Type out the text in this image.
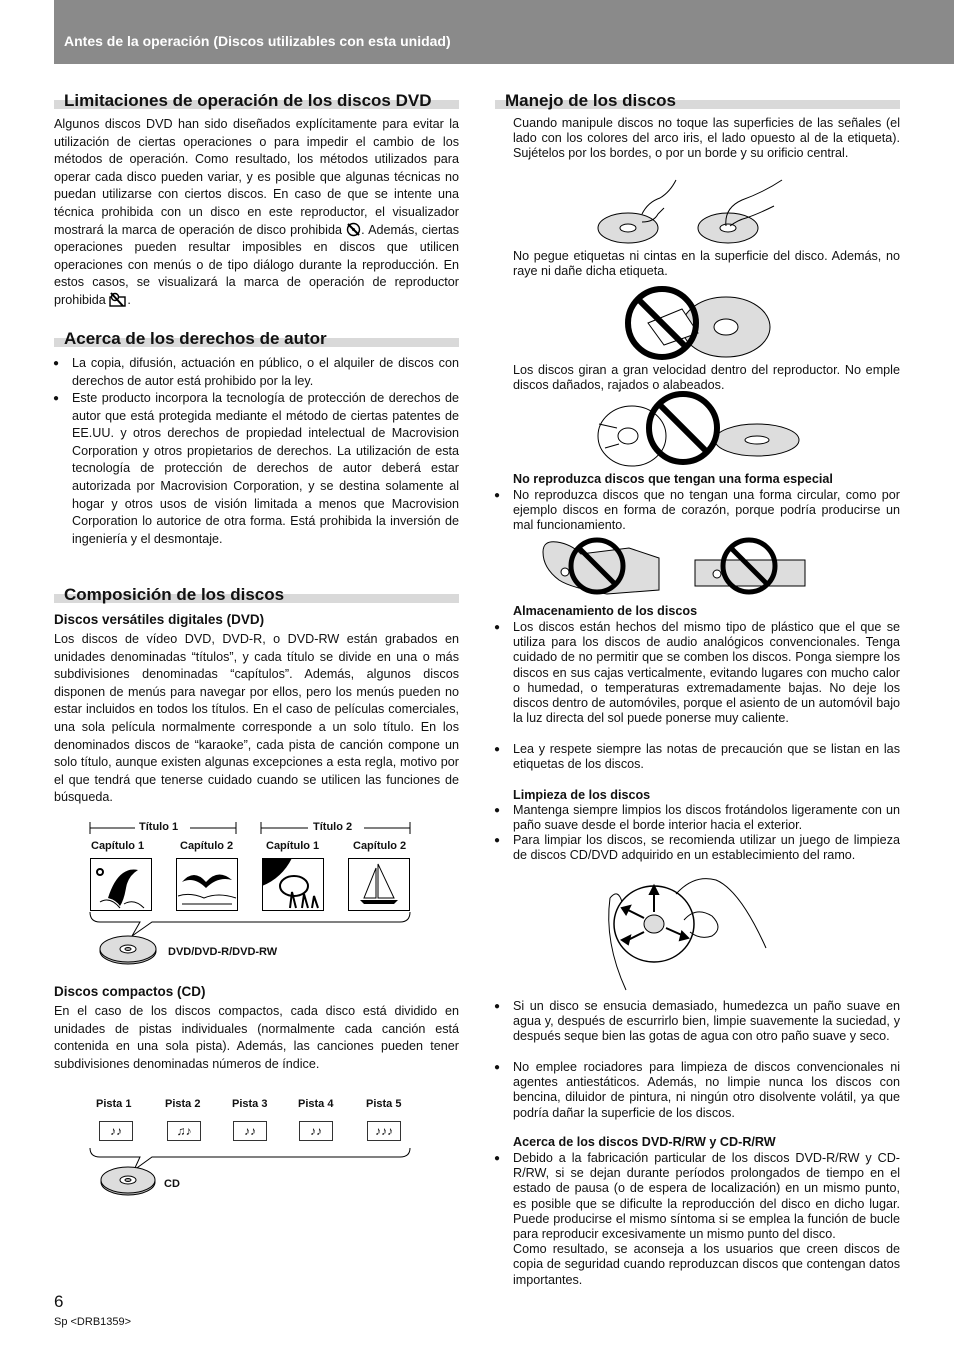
Antes de la operación (Discos utilizables con esta unidad)
Limitaciones de operación de los discos DVD
Algunos discos DVD han sido diseñados explícitamente para evitar la utilización de ciertas operaciones o para impedir el cambio de los métodos de operación. Como resultado, los métodos utilizados para operar cada disco pueden variar, y es posible que algunas técnicas no puedan utilizarse con ciertos discos. En caso de que se intente una técnica prohibida con un disco en este reproductor, el visualizador mostrará la marca de operación de disco prohibida . Además, ciertas operaciones pueden resultar imposibles en discos que utilicen operaciones con menús o de tipo diálogo durante la reproducción. En estos casos, se visualizará la marca de operación de reproductor prohibida .
Acerca de los derechos de autor
● La copia, difusión, actuación en público, o el alquiler de discos con derechos de autor está prohibido por la ley.
● Este producto incorpora la tecnología de protección de derechos de autor que está protegida mediante el método de ciertas patentes de EE.UU. y otros derechos de propiedad intelectual de Macrovision Corporation y otros propietarios de derechos. La utilización de esta tecnología de protección de derechos de autor deberá estar autorizada por Macrovision Corporation, y se destina solamente al hogar y otros usos de visión limitada a menos que Macrovision Corporation lo autorice de otra forma. Está prohibida la inversión de ingeniería y el desmontaje.
Composición de los discos
Discos versátiles digitales (DVD)
Los discos de vídeo DVD, DVD-R, o DVD-RW están grabados en unidades denominadas “títulos”, y cada título se divide en una o más subdivisiones denominadas “capítulos”. Además, algunos discos disponen de menús para navegar por ellos, pero los menús pueden no estar incluidos en todos los títulos. En el caso de películas comerciales, una sola película normalmente corresponde a un solo título. En los denominados discos de “karaoke”, cada pista de canción compone un solo título, aunque existen algunas excepciones a esta regla, motivo por el que tendrá que tenerse cuidado cuando se utilicen las funciones de búsqueda.
Título 1	Título 2
Capítulo 1	Capítulo 2	Capítulo 1	Capítulo 2
DVD/DVD-R/DVD-RW
Discos compactos (CD)
En el caso de los discos compactos, cada disco está dividido en unidades de pistas individuales (normalmente cada canción está contenida en una sola pista). Además, las canciones pueden tener subdivisiones denominadas números de índice.
Pista 1	Pista 2	Pista 3	Pista 4	Pista 5
♪♪	♫♪	♪♪	♪♪	♪♪♪
CD
Manejo de los discos
Cuando manipule discos no toque las superficies de las señales (el lado con los colores del arco iris, el lado opuesto al de la etiqueta). Sujételos por los bordes, o por un borde y su orificio central.
No pegue etiquetas ni cintas en la superficie del disco. Además, no raye ni dañe dicha etiqueta.
Los discos giran a gran velocidad dentro del reproductor. No emple discos dañados, rajados o alabeados.
No reproduzca discos que tengan una forma especial
● No reproduzca discos que no tengan una forma circular, como por ejemplo discos en forma de corazón, porque podría producirse un mal funcionamiento.
Almacenamiento de los discos
● Los discos están hechos del mismo tipo de plástico que el que se utiliza para los discos de audio analógicos convencionales. Tenga cuidado de no permitir que se comben los discos. Ponga siempre los discos en sus cajas verticalmente, evitando lugares con mucho calor o humedad, o temperaturas extremadamente bajas. No deje los discos dentro de automóviles, porque el asiento de un automóvil bajo la luz directa del sol puede ponerse muy caliente.
● Lea y respete siempre las notas de precaución que se listan en las etiquetas de los discos.
Limpieza de los discos
● Mantenga siempre limpios los discos frotándolos ligeramente con un paño suave desde el borde interior hacia el exterior.
● Para limpiar los discos, se recomienda utilizar un juego de limpieza de discos CD/DVD adquirido en un establecimiento del ramo.
● Si un disco se ensucia demasiado, humedezca un paño suave en agua y, después de escurrirlo bien, limpie suavemente la suciedad, y después seque bien las gotas de agua con otro paño suave y seco.
● No emplee rociadores para limpieza de discos convencionales ni agentes antiestáticos. Además, no limpie nunca los discos con bencina, diluidor de pintura, ni ningún otro disolvente volátil, ya que podría dañar la superficie de los discos.
Acerca de los discos DVD-R/RW y CD-R/RW
● Debido a la fabricación particular de los discos DVD-R/RW y CD-R/RW, si se dejan durante períodos prolongados de tiempo en el estado de pausa (o de espera de localización) en un mismo punto, es posible que se dificulte la reproducción del disco en dicho lugar. Puede producirse el mismo síntoma si se emplea la función de bucle para reproducir excesivamente un mismo punto del disco.
Como resultado, se aconseja a los usuarios que creen discos de copia de seguridad cuando reproduzcan discos que contengan datos importantes.
6
Sp <DRB1359>
